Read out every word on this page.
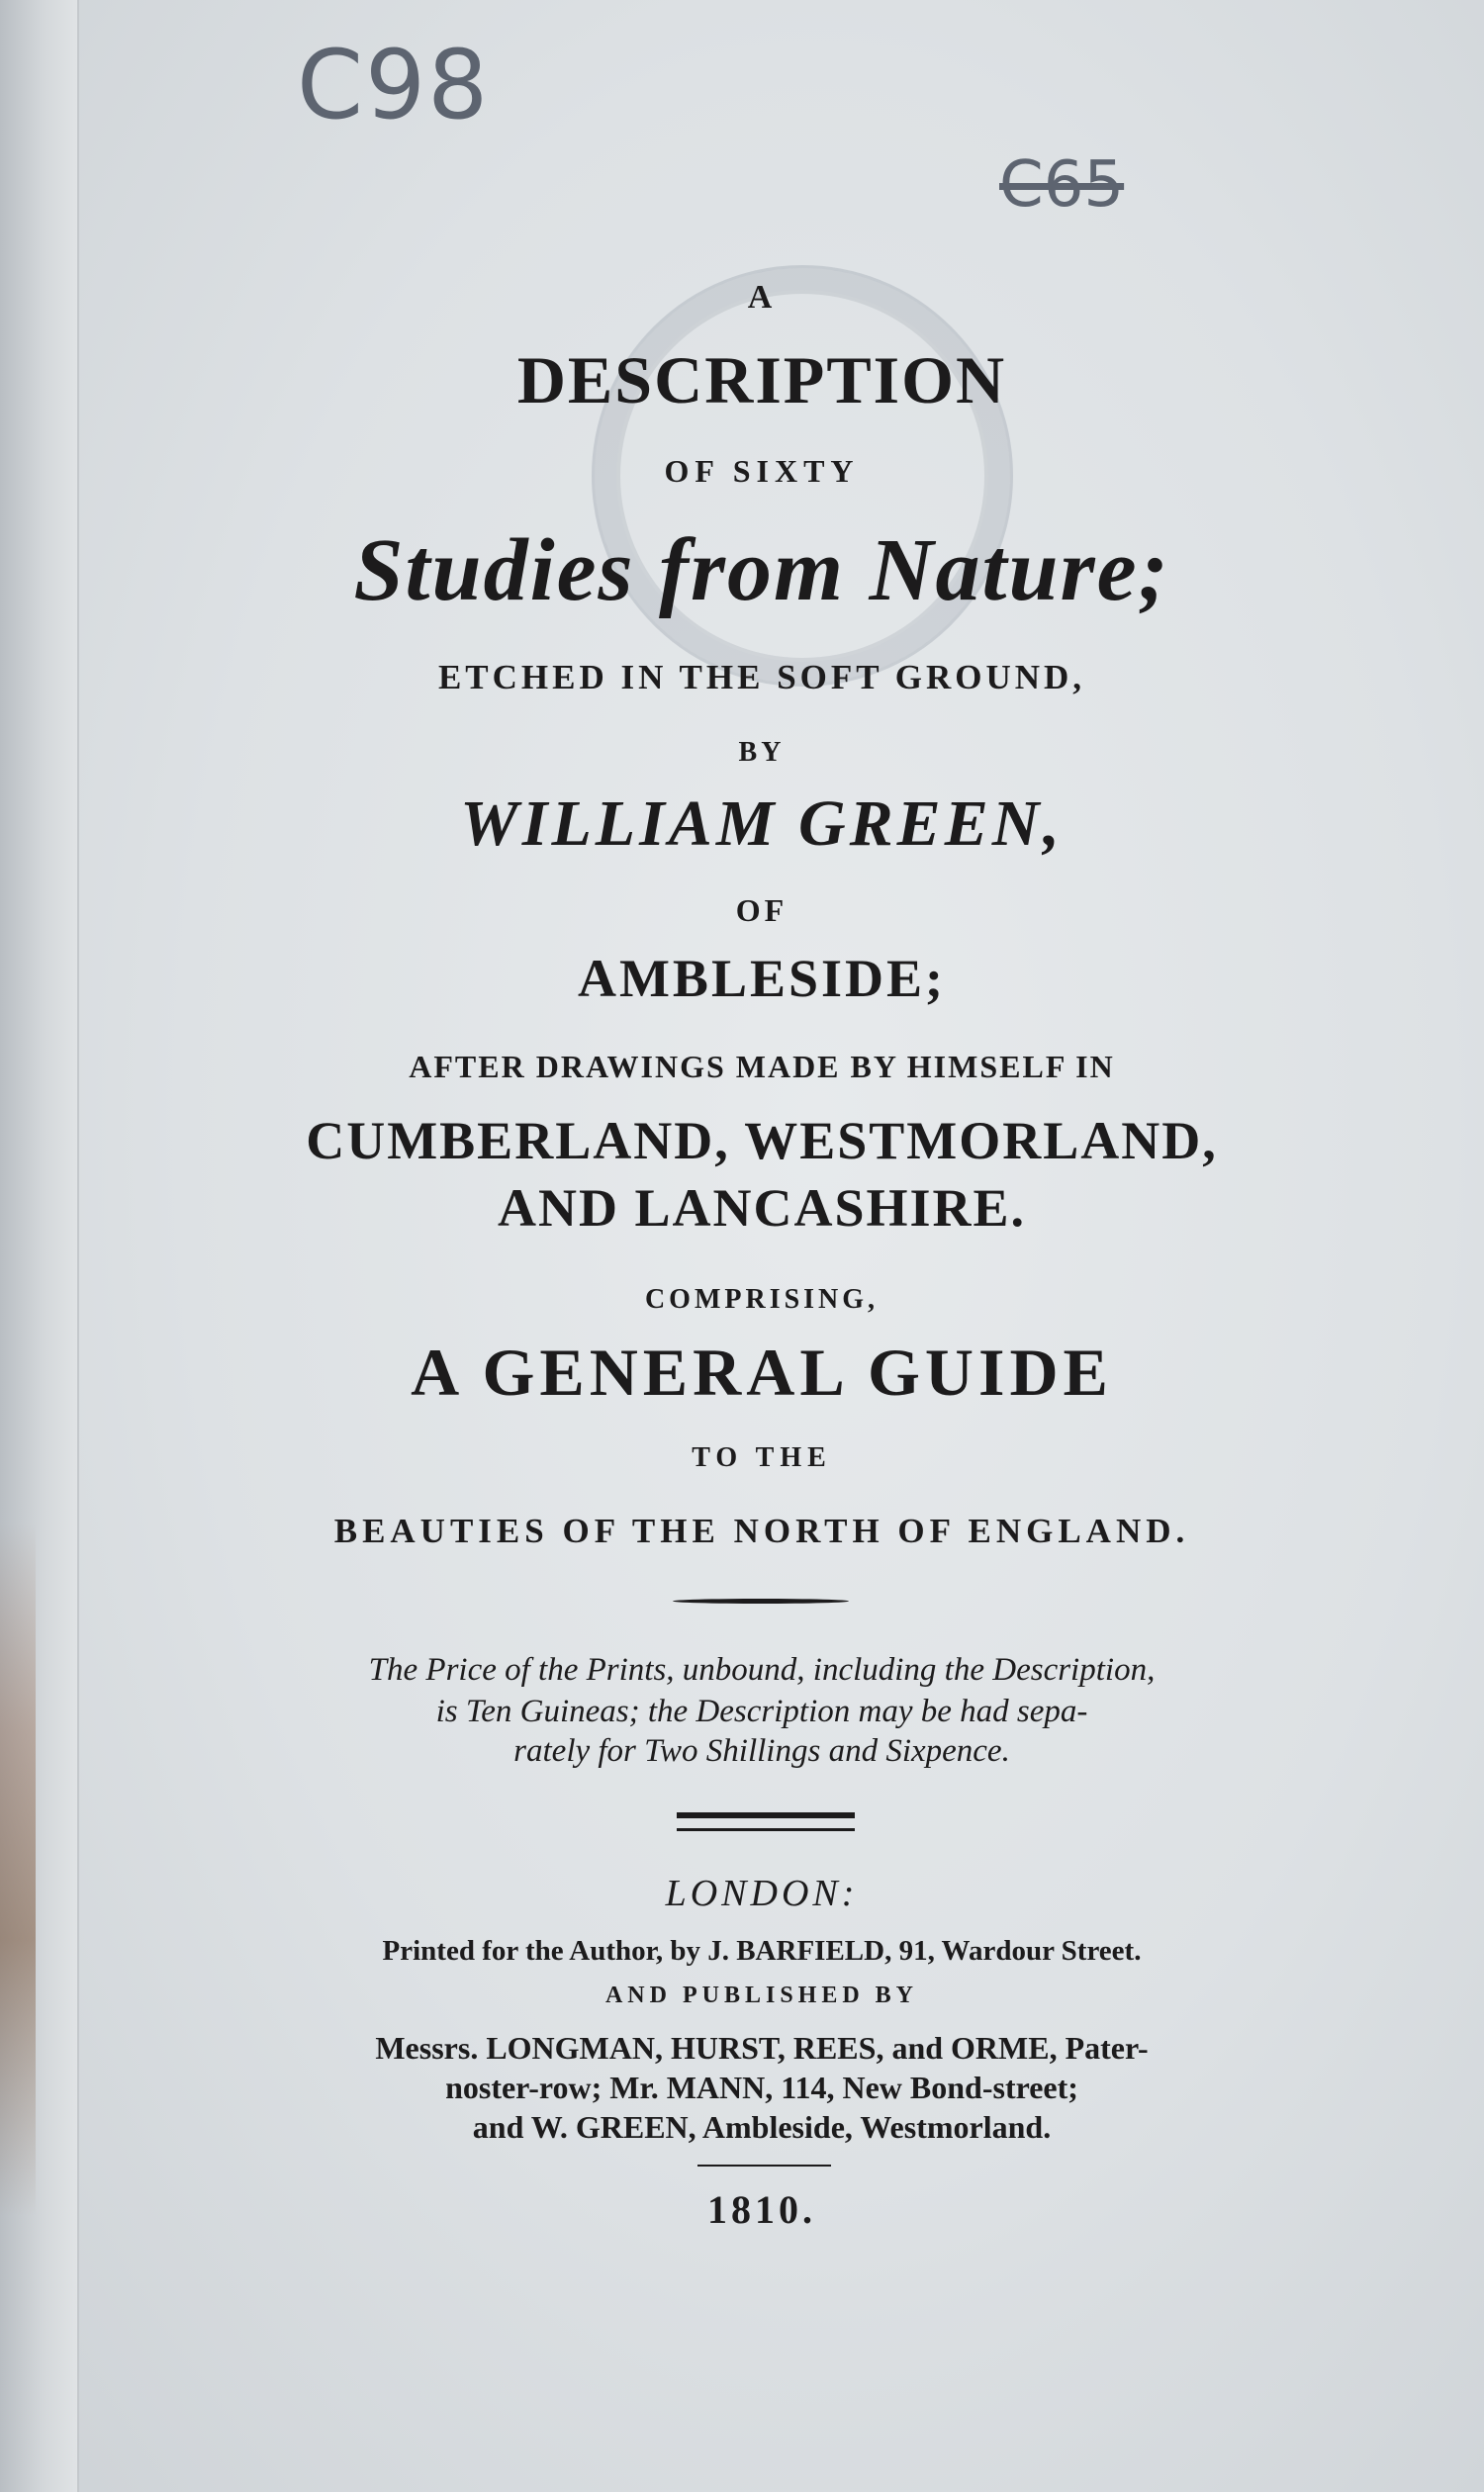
C98
C65
A
DESCRIPTION
OF SIXTY
Studies from Nature;
ETCHED IN THE SOFT GROUND,
BY
WILLIAM GREEN,
OF
AMBLESIDE;
AFTER DRAWINGS MADE BY HIMSELF IN
CUMBERLAND, WESTMORLAND,
AND LANCASHIRE.
COMPRISING,
A GENERAL GUIDE
TO THE
BEAUTIES OF THE NORTH OF ENGLAND.
The Price of the Prints, unbound, including the Description,
is Ten Guineas; the Description may be had sepa-
rately for Two Shillings and Sixpence.
LONDON:
Printed for the Author, by J. BARFIELD, 91, Wardour Street.
AND PUBLISHED BY
Messrs. LONGMAN, HURST, REES, and ORME, Pater-
noster-row; Mr. MANN, 114, New Bond-street;
and W. GREEN, Ambleside, Westmorland.
1810.
